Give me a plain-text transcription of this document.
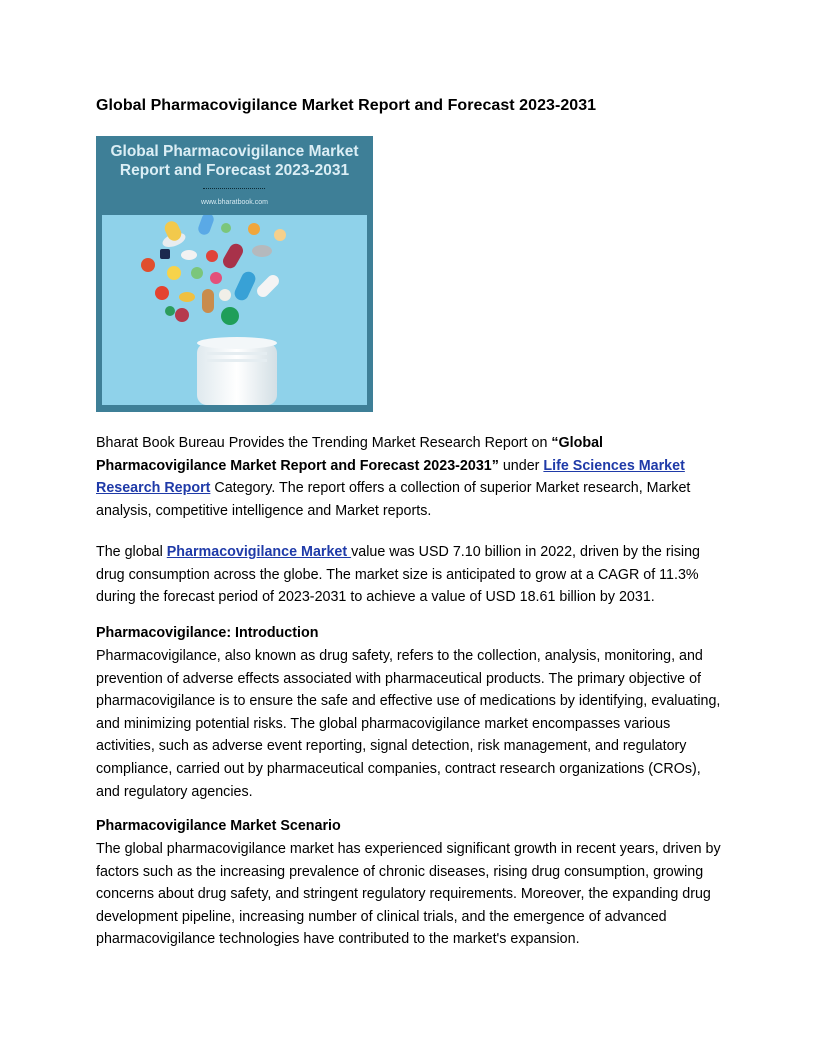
Global Pharmacovigilance Market Report and Forecast 2023-2031
Global Pharmacovigilance Market
Report and Forecast 2023-2031
www.bharatbook.com

Bharat Book Bureau Provides the Trending Market Research Report on “Global Pharmacovigilance Market Report and Forecast 2023-2031” under Life Sciences Market Research Report Category. The report offers a collection of superior Market research, Market analysis, competitive intelligence and Market reports.

The global Pharmacovigilance Market value was USD 7.10 billion in 2022, driven by the rising drug consumption across the globe. The market size is anticipated to grow at a CAGR of 11.3% during the forecast period of 2023-2031 to achieve a value of USD 18.61 billion by 2031.

Pharmacovigilance: Introduction

Pharmacovigilance, also known as drug safety, refers to the collection, analysis, monitoring, and prevention of adverse effects associated with pharmaceutical products. The primary objective of pharmacovigilance is to ensure the safe and effective use of medications by identifying, evaluating, and minimizing potential risks. The global pharmacovigilance market encompasses various activities, such as adverse event reporting, signal detection, risk management, and regulatory compliance, carried out by pharmaceutical companies, contract research organizations (CROs), and regulatory agencies.

Pharmacovigilance Market Scenario

The global pharmacovigilance market has experienced significant growth in recent years, driven by factors such as the increasing prevalence of chronic diseases, rising drug consumption, growing concerns about drug safety, and stringent regulatory requirements. Moreover, the expanding drug development pipeline, increasing number of clinical trials, and the emergence of advanced pharmacovigilance technologies have contributed to the market's expansion.
